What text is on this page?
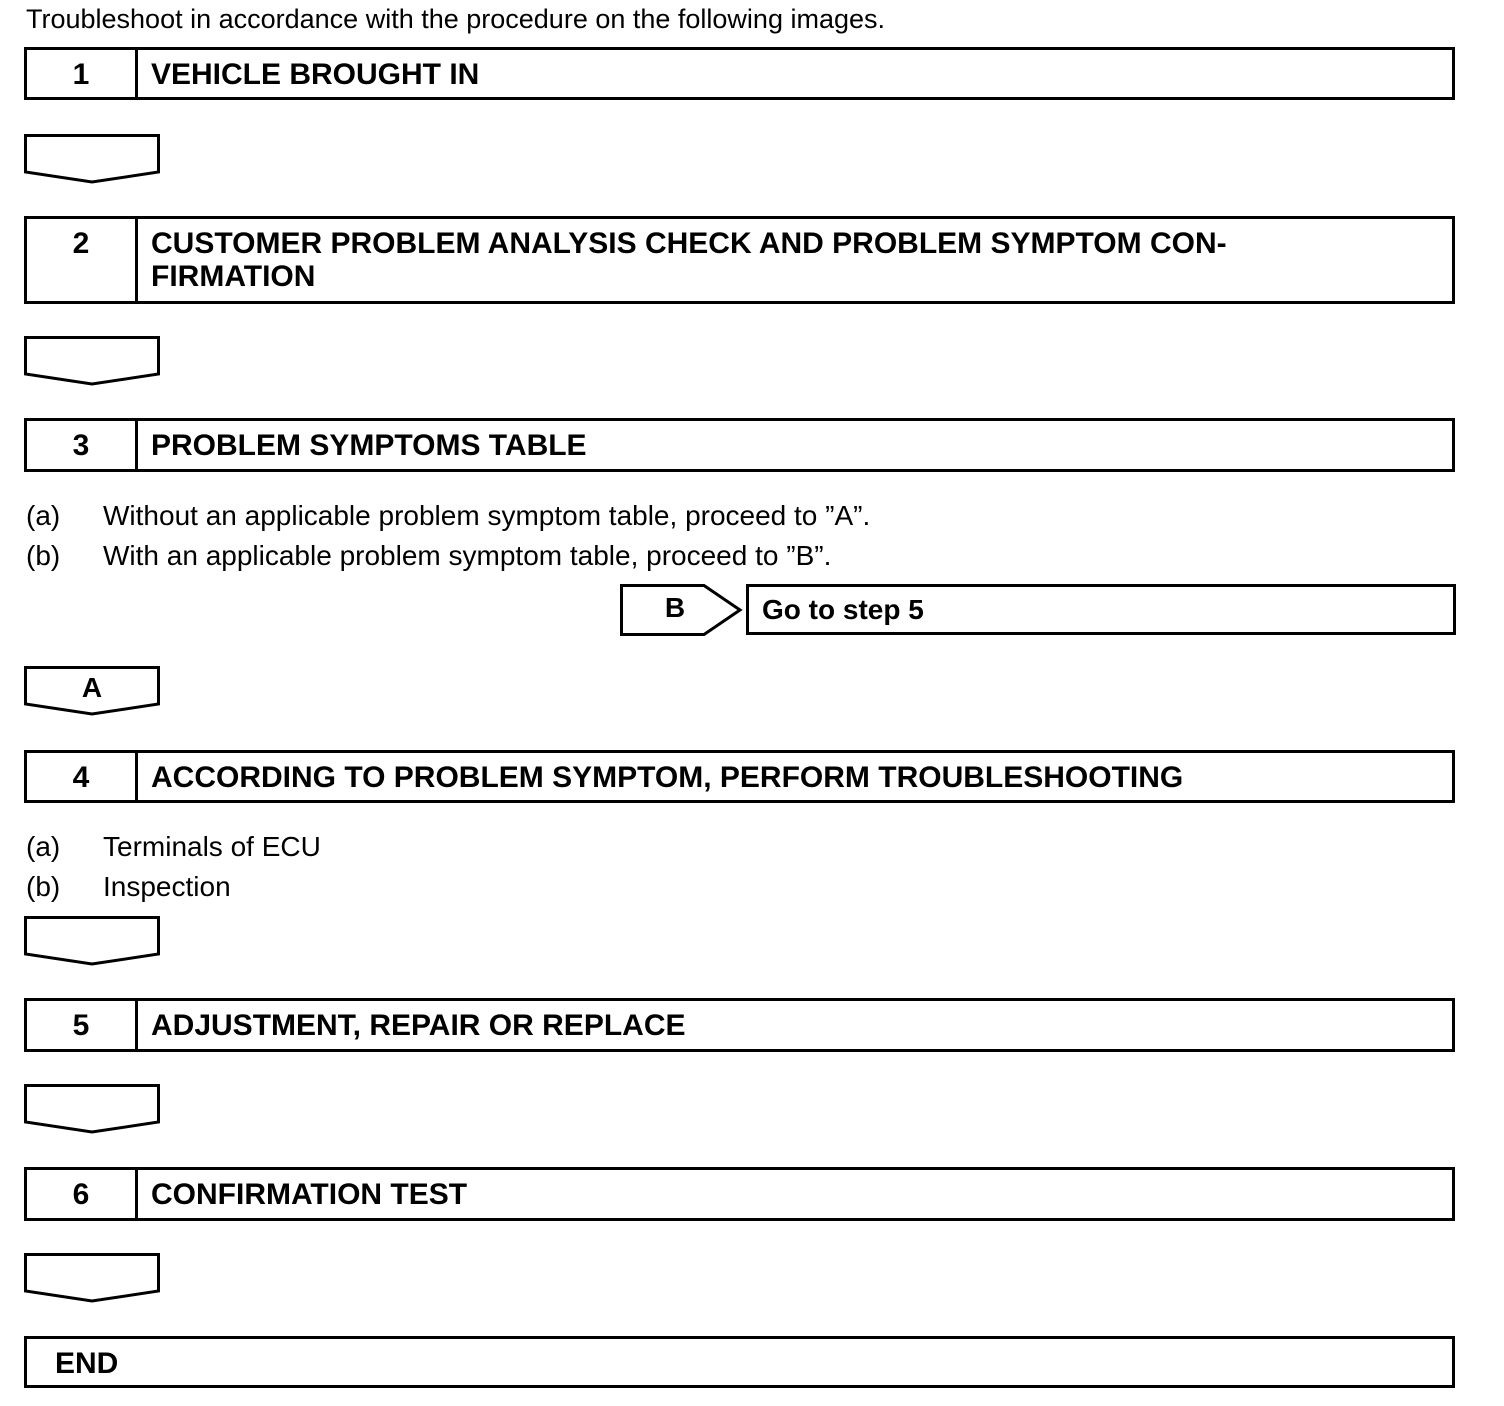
Troubleshoot in accordance with the procedure on the following images.
1	VEHICLE BROUGHT IN
2	CUSTOMER PROBLEM ANALYSIS CHECK AND PROBLEM SYMPTOM CON-
FIRMATION
3	PROBLEM SYMPTOMS TABLE
(a) Without an applicable problem symptom table, proceed to ”A”.
(b) With an applicable problem symptom table, proceed to ”B”.
B	Go to step 5
A
4	ACCORDING TO PROBLEM SYMPTOM, PERFORM TROUBLESHOOTING
(a) Terminals of ECU
(b) Inspection
5	ADJUSTMENT, REPAIR OR REPLACE
6	CONFIRMATION TEST
END
